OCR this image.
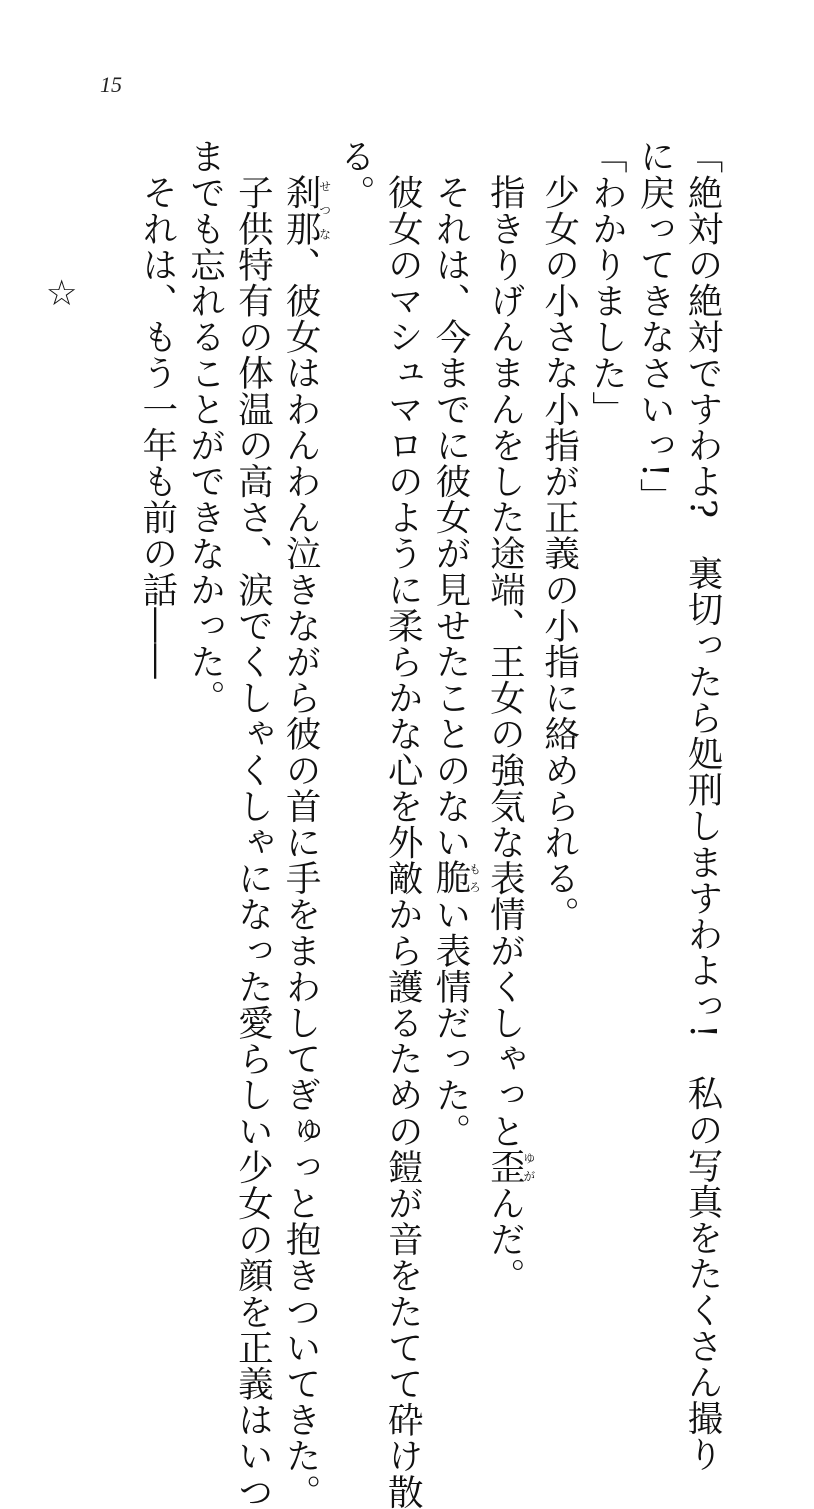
15
「絶対の絶対ですわよ?　裏切ったら処刑しますわよっ!　私の写真をたくさん撮り
に戻ってきなさいっ!」
「わかりました」
少女の小さな小指が正義の小指に絡められる。
指きりげんまんをした途端、王女の強気な表情がくしゃっと歪ゆがんだ。
それは、今までに彼女が見せたことのない脆もろい表情だった。
彼女のマシュマロのように柔らかな心を外敵から護るための鎧が音をたてて砕け散
る。
刹那せつな、彼女はわんわん泣きながら彼の首に手をまわしてぎゅっと抱きついてきた。
子供特有の体温の高さ、涙でくしゃくしゃになった愛らしい少女の顔を正義はいつ
までも忘れることができなかった。
それは、もう一年も前の話――
☆
